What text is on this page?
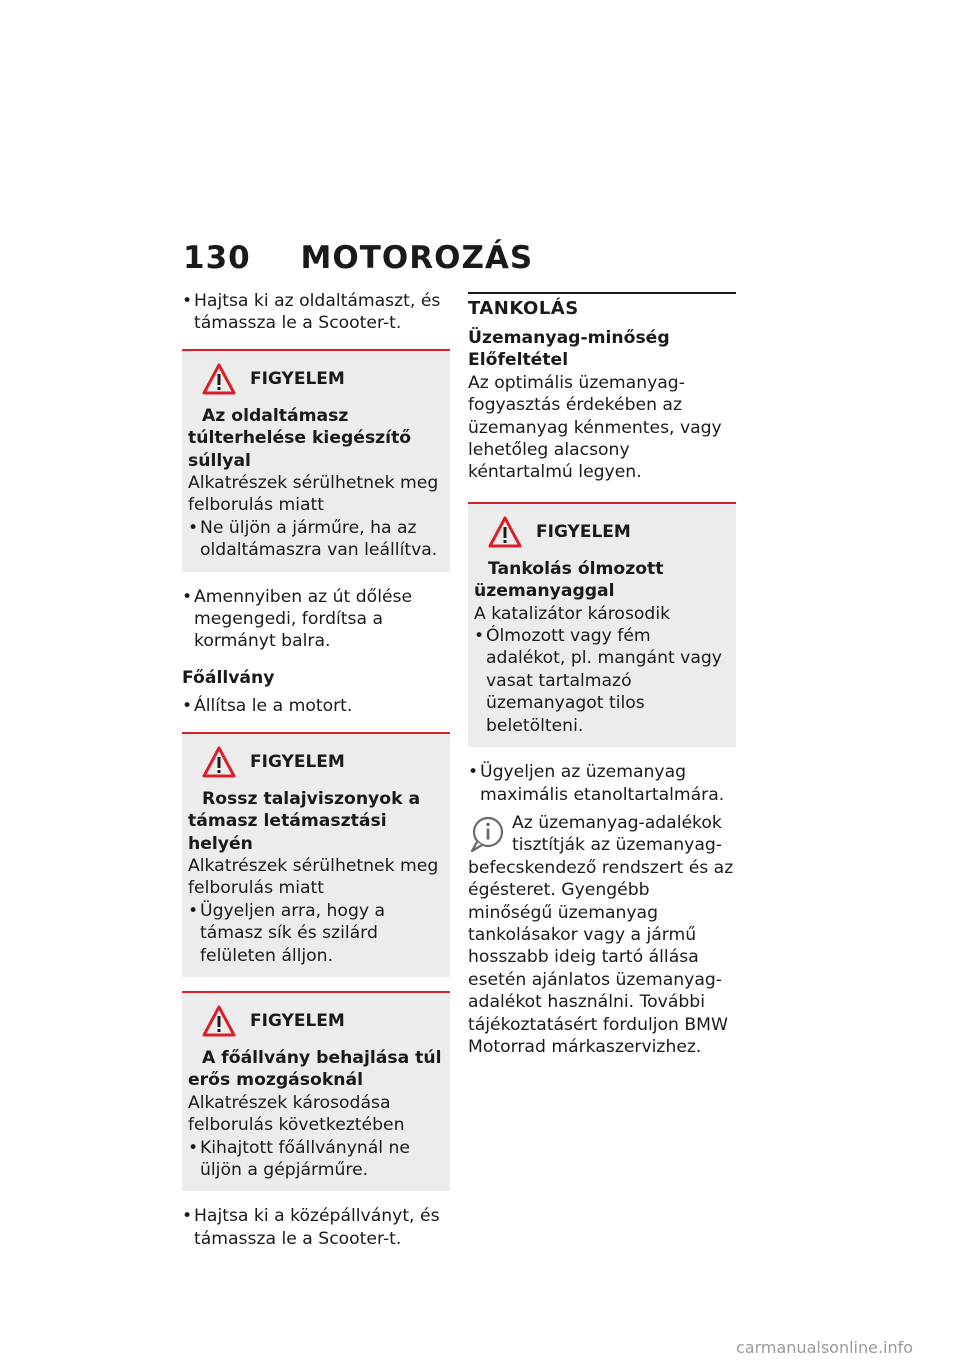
130 MOTOROZÁS
• Hajtsa ki az oldaltámaszt, és támassza le a Scooter-t.
FIGYELEM
Az oldaltámasz túlterhelése kiegészítő súllyal

Alkatrészek sérülhetnek meg felborulás miatt

• Ne üljön a járműre, ha az oldaltámaszra van leállítva.
• Amennyiben az út dőlése megengedi, fordítsa a kormányt balra.
Főállvány
• Állítsa le a motort.
FIGYELEM
Rossz talajviszonyok a támasz letámasztási helyén

Alkatrészek sérülhetnek meg felborulás miatt

• Ügyeljen arra, hogy a támasz sík és szilárd felületen álljon.
FIGYELEM
A főállvány behajlása túl erős mozgásoknál

Alkatrészek károsodása felborulás következtében

• Kihajtott főállványnál ne üljön a gépjárműre.
• Hajtsa ki a középállványt, és támassza le a Scooter-t.
TANKOLÁS
Üzemanyag-minőség
Előfeltétel

Az optimális üzemanyag-fogyasztás érdekében az üzemanyag kénmentes, vagy lehetőleg alacsony kéntartalmú legyen.

FIGYELEM
Tankolás ólmozott üzemanyaggal

A katalizátor károsodik

• Ólmozott vagy fém adalékot, pl. mangánt vagy vasat tartalmazó üzemanyagot tilos beletölteni.
• Ügyeljen az üzemanyag maximális etanoltartalmára.

Az üzemanyag-adalékok tisztítják az üzemanyag-befecskendező rendszert és az égésteret. Gyengébb minőségű üzemanyag tankolásakor vagy a jármű hosszabb ideig tartó állása esetén ajánlatos üzemanyag-adalékot használni. További tájékoztatásért forduljon BMW Motorrad márkaszervizhez.

carmanualsonline.info
